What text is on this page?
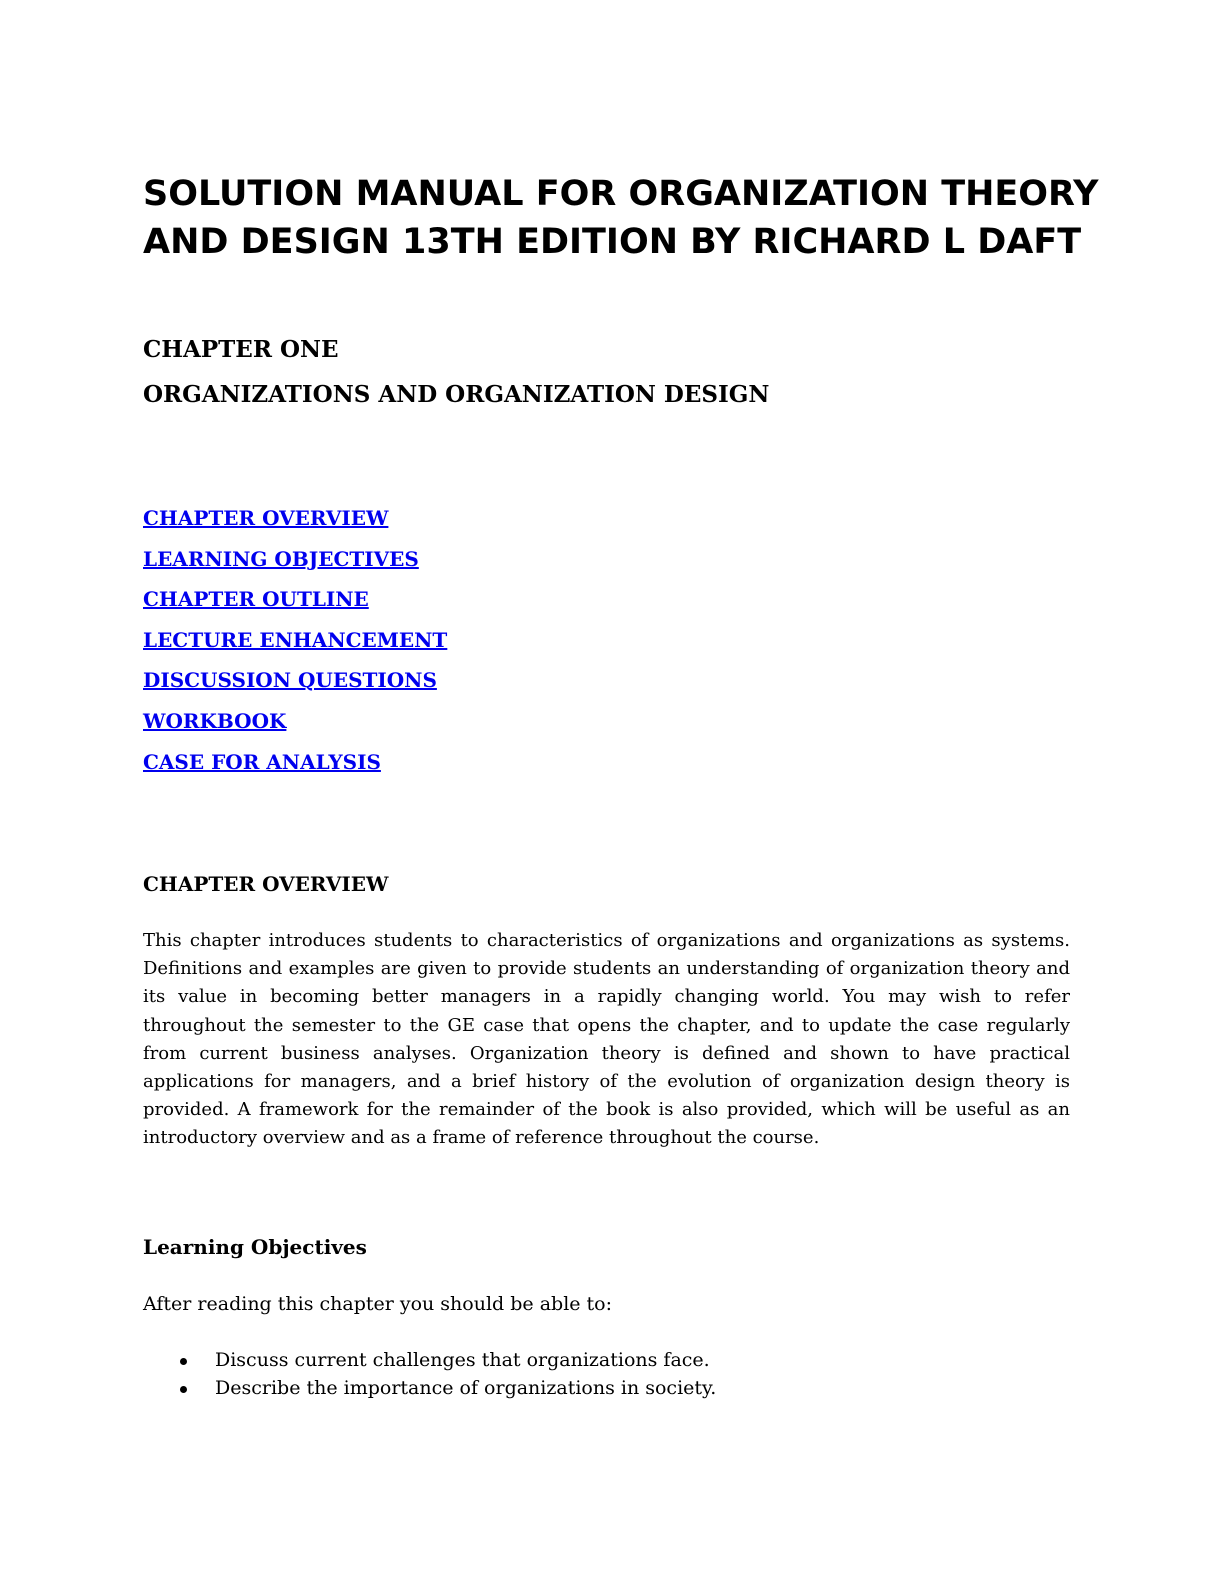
SOLUTION MANUAL FOR ORGANIZATION THEORY
AND DESIGN 13TH EDITION BY RICHARD L DAFT
CHAPTER ONE
ORGANIZATIONS AND ORGANIZATION DESIGN
CHAPTER OVERVIEW
LEARNING OBJECTIVES
CHAPTER OUTLINE
LECTURE ENHANCEMENT
DISCUSSION QUESTIONS
WORKBOOK
CASE FOR ANALYSIS
CHAPTER OVERVIEW

This chapter introduces students to characteristics of organizations and organizations as systems. Definitions and examples are given to provide students an understanding of organization theory and its value in becoming better managers in a rapidly changing world. You may wish to refer throughout the semester to the GE case that opens the chapter, and to update the case regularly from current business analyses. Organization theory is defined and shown to have practical applications for managers, and a brief history of the evolution of organization design theory is provided. A framework for the remainder of the book is also provided, which will be useful as an introductory overview and as a frame of reference throughout the course.

Learning Objectives
After reading this chapter you should be able to:
Discuss current challenges that organizations face.
Describe the importance of organizations in society.
